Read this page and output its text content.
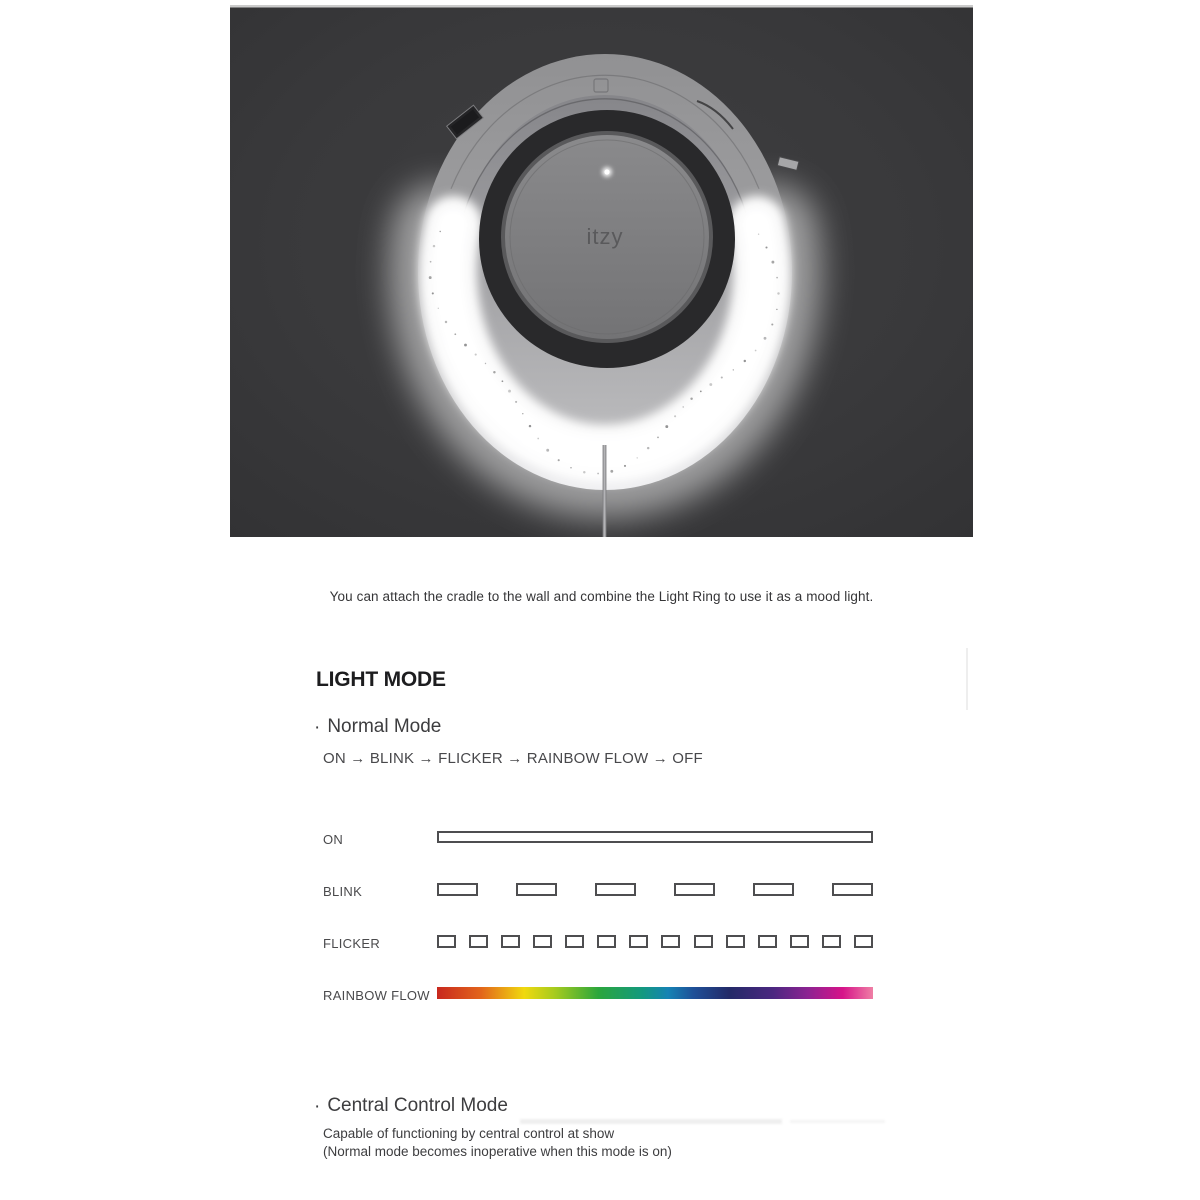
itzy
You can attach the cradle to the wall and combine the Light Ring to use it as a mood light.
LIGHT MODE
· Normal Mode
ON → BLINK → FLICKER → RAINBOW FLOW → OFF
ON
BLINK
FLICKER
RAINBOW FLOW
· Central Control Mode
Capable of functioning by central control at show
(Normal mode becomes inoperative when this mode is on)
